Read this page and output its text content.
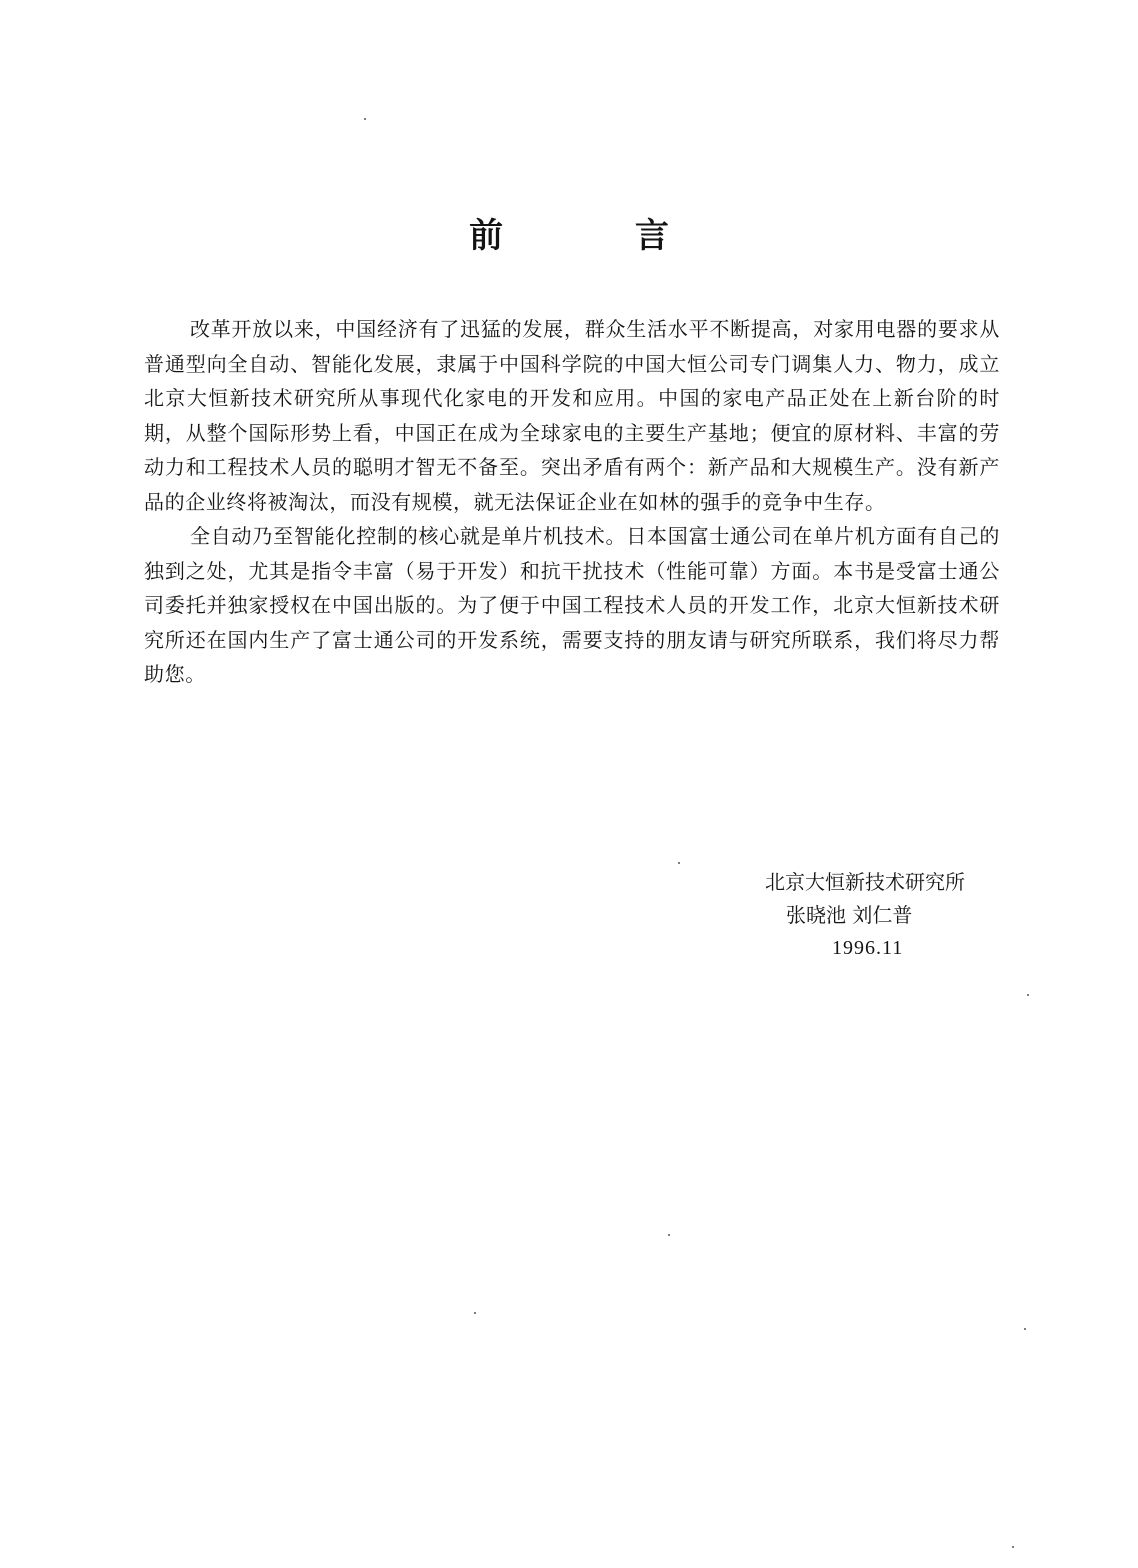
前 言

改革开放以来，中国经济有了迅猛的发展，群众生活水平不断提高，对家用电器的要求从普通型向全自动、智能化发展，隶属于中国科学院的中国大恒公司专门调集人力、物力，成立北京大恒新技术研究所从事现代化家电的开发和应用。中国的家电产品正处在上新台阶的时期，从整个国际形势上看，中国正在成为全球家电的主要生产基地；便宜的原材料、丰富的劳动力和工程技术人员的聪明才智无不备至。突出矛盾有两个：新产品和大规模生产。没有新产品的企业终将被淘汰，而没有规模，就无法保证企业在如林的强手的竞争中生存。

全自动乃至智能化控制的核心就是单片机技术。日本国富士通公司在单片机方面有自己的独到之处，尤其是指令丰富（易于开发）和抗干扰技术（性能可靠）方面。本书是受富士通公司委托并独家授权在中国出版的。为了便于中国工程技术人员的开发工作，北京大恒新技术研究所还在国内生产了富士通公司的开发系统，需要支持的朋友请与研究所联系，我们将尽力帮助您。

北京大恒新技术研究所
张晓池 刘仁普
1996.11
